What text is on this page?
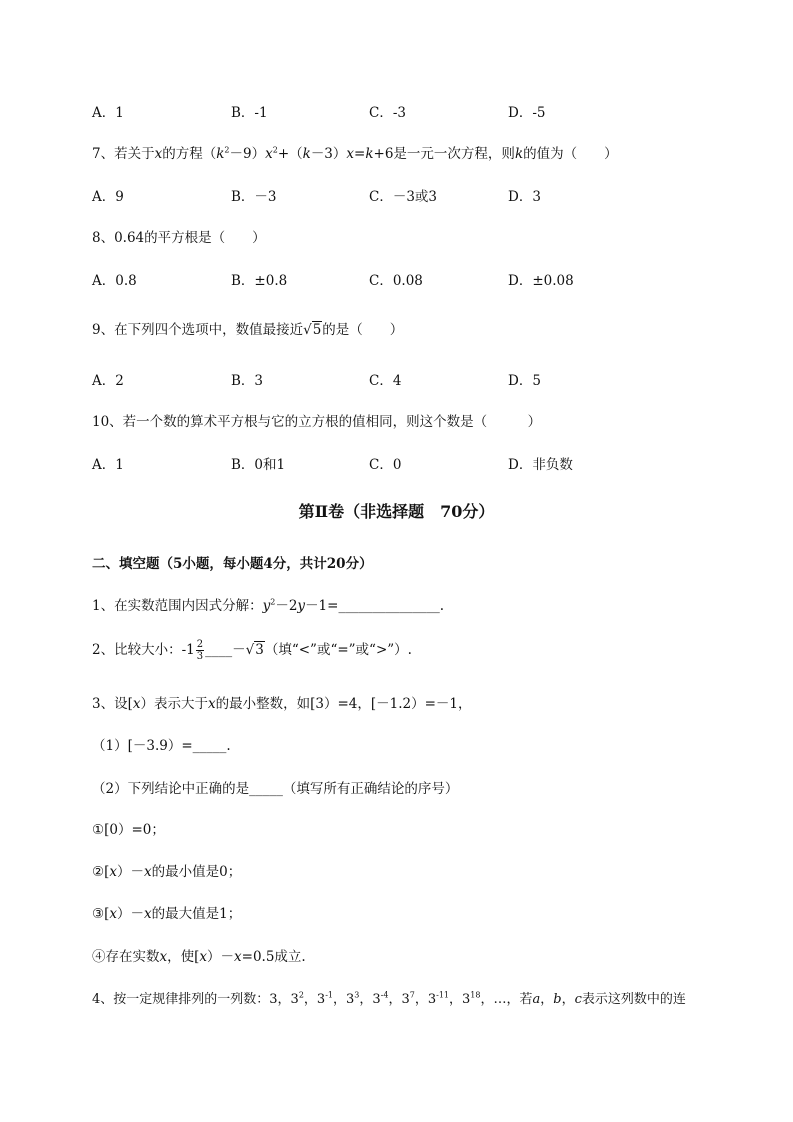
A．1	B．-1	C．-3	D．-5
7、若关于x的方程$(k^2-9)x^2+(k-3)x=k+6$是一元一次方程，则k的值为（　　）
A．9	B．－3	C．－3或3	D．3
8、0.64的平方根是（　　）
A．0.8	B．±0.8	C．0.08	D．±0.08
9、在下列四个选项中，数值最接近√5的是（　　）
A．2	B．3	C．4	D．5
10、若一个数的算术平方根与它的立方根的值相同，则这个数是（　　　）
A．1	B．0和1	C．0	D．非负数
第Ⅱ卷（非选择题　70分）
二、填空题（5小题，每小题4分，共计20分）
1、在实数范围内因式分解：$y^2-2y-1=\_\_\_\_\_\_\_\_\_\_\_\_\_\_\_$.
2、比较大小：$-1 \frac{2}{3}$ ____－√3（填“<”或“=”或“>”）.
3、设[x）表示大于x的最小整数，如[3）=4，[－1.2）=－1，
（1）[－3.9）=_____.
（2）下列结论中正确的是_____（填写所有正确结论的序号）
①[0）=0；
②[x）－x的最小值是0；
③[x）－x的最大值是1；
④存在实数x，使[x）－x=0.5成立.
4、按一定规律排列的一列数：3，$3^2$，$3^{-1}$，$3^3$，$3^{-4}$，$3^7$，$3^{-11}$，$3^{18}$，…，若a，b，c表示这列数中的连
